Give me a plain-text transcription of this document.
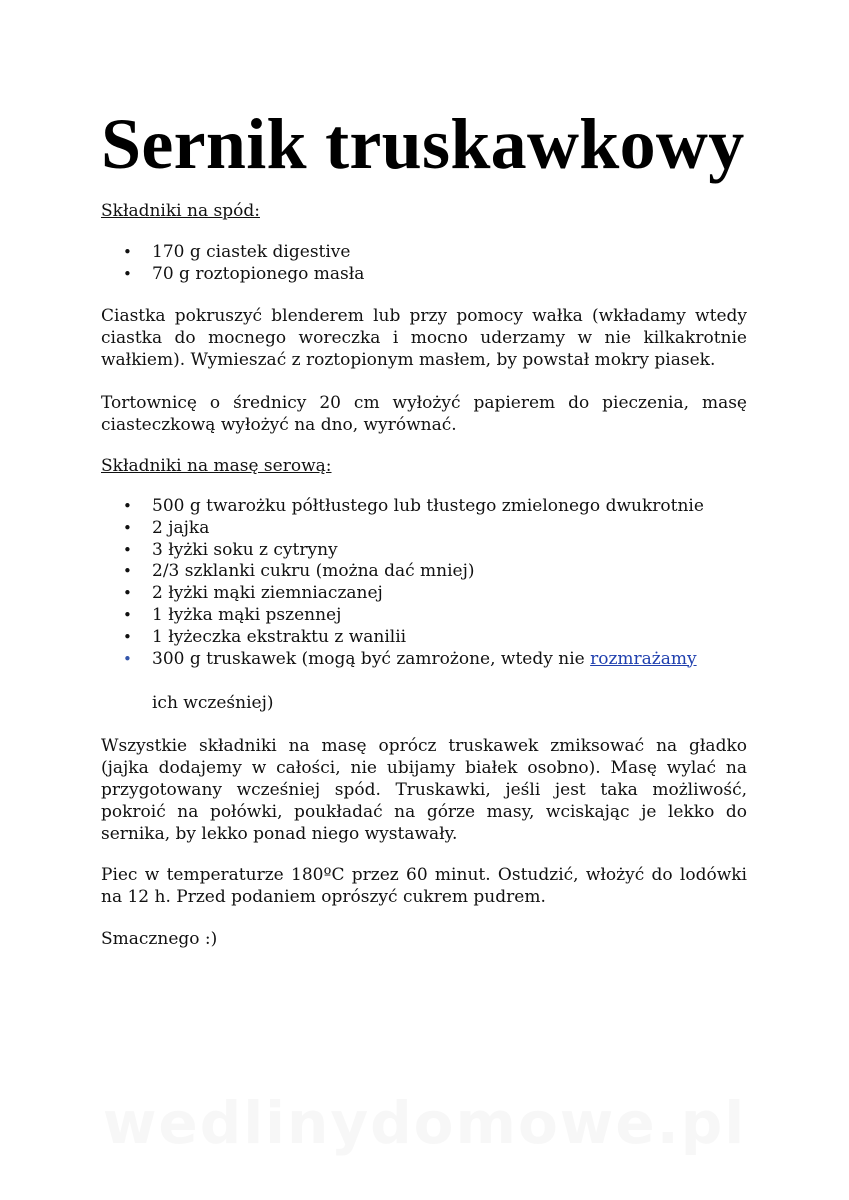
Sernik truskawkowy

Składniki na spód:

• 170 g ciastek digestive
• 70 g roztopionego masła

Ciastka pokruszyć blenderem lub przy pomocy wałka (wkładamy wtedy ciastka do mocnego woreczka i mocno uderzamy w nie kilkakrotnie wałkiem). Wymieszać z roztopionym masłem, by powstał mokry piasek.

Tortownicę o średnicy 20 cm wyłożyć papierem do pieczenia, masę ciasteczkową wyłożyć na dno, wyrównać.

Składniki na masę serową:

• 500 g twarożku półtłustego lub tłustego zmielonego dwukrotnie
• 2 jajka
• 3 łyżki soku z cytryny
• 2/3 szklanki cukru (można dać mniej)
• 2 łyżki mąki ziemniaczanej
• 1 łyżka mąki pszennej
• 1 łyżeczka ekstraktu z wanilii
• 300 g truskawek (mogą być zamrożone, wtedy nie rozmrażamy

ich wcześniej)

Wszystkie składniki na masę oprócz truskawek zmiksować na gładko (jajka dodajemy w całości, nie ubijamy białek osobno). Masę wylać na przygotowany wcześniej spód. Truskawki, jeśli jest taka możliwość, pokroić na połówki, poukładać na górze masy, wciskając je lekko do sernika, by lekko ponad niego wystawały.

Piec w temperaturze 180ºC przez 60 minut. Ostudzić, włożyć do lodówki na 12 h. Przed podaniem oprószyć cukrem pudrem.

Smacznego :)

wedlinydomowe.pl
